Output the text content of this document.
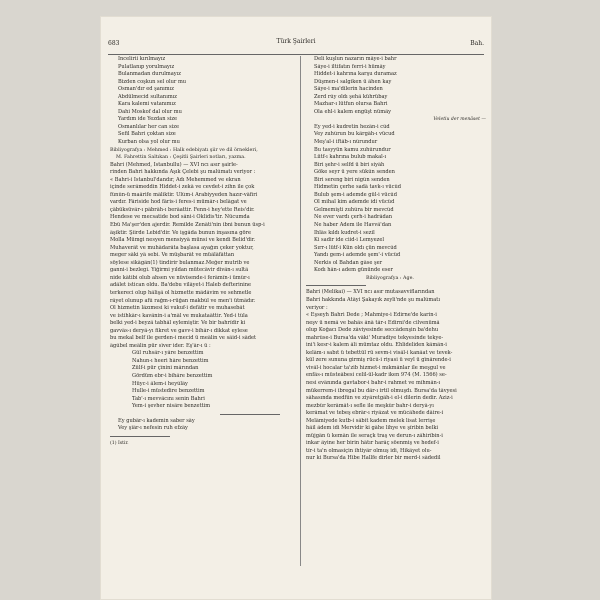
683	Türk Şairleri	Bah.
İncelirii kırılmayız
Pulatlanıp yorulmayız
Bulanmadan durulmayız
Bizden coşkun sel olur mu
Osman'dır ed şanımız
Abdülmecid sultanımız
Kara kalemi vatanımız
Dahi Moskof dal olur mu
Yardım ide Yezdan size
Osmanlılar her can size
Sefil Bahri çoktan size
Kurban olsa yol olur mu
Bibliyografya : Mehmed : Halk edebiyatı şiir ve dil örnekleri,
M. Fahrettin Saltıkan : Çeşitli Şairleri notları, yazma.
Bahri (Mehmed, İstanbullu) — XVI ncı asır şairle-
rinden Bahri hakkında Aşık Çelebi şu malûmatı veriyor :
« Bahri-i İstanbul'dandır, Adı Mehemmed ve ekran
içinde serâmeddin Hiddet-i zekâ ve cevdet-i zihn ile çok
fûnûn-ü maârife mâliktir. Ulûm-i Arabiyyeden hazır-vâfiri
vardır. Fâriside hod fâris-i feres-i mümâr-ı belâgat ve
çâbüksüvâr-ı pâbrâh-ı berâattir. Fenn-i hey'ette Reis'dir.
Hendese ve mecsatide bod sâni-i Öklidis'tir. Nücumda
Ebü Ma'şer'den ajerdir. Remilde Zenâti'nin ibni bunun üsp-i
âşiktir. Şiirde Lebid'dir. Ve işgâda bunun inşasına göre
Molla Mümgi nesyen mensiyyâ münsi ve kendi Belid'dir.
Muhaverât ve muhâdarâta başlasa ayağın çeker yoktur,
meger sâki yâ sebi. Ve müşbarât ve müâlâfâttan
söylese sikâgân(1) tindirir bulanmaz.Meğer mutrib ve
ganni-i bezlegi. Yiğirmi yıldan mütecâvir divân-ı sultâ
nide kâtibi olub ahsen ve nüvîsende-i ferâmîn-i ümûr-ı
adâlet istican oldu. Ba'debu vilâyet-i Haleb defterinine
terkereci olup hâlişâ ol hizmette mâdâvim ve sehmetle
râyet olunup afû rağm-ı-rüğan makbûl ve men'i ütmâdır.
Ol hizmetin lâzımesi ki vukuf-i defâtir ve muhasebât
ve istihkâr-ı kavânin-i a'mâl ve mukataâttir. Yed-i tûla
belki yed-i beyzâ tabhâl eylemiştir. Ve bir bahrîdir ki
gavvâs-ı deryâ-yı fikret ve gavv-i bihâr-ı dikkat eylese
bu mekal belf ile gerden-i mecid ü meâlin ve sâid-i sâdet
âgûbel meâlin pür sîver ider. Eş'âr-ı ü :
Gül ruhsâr-ı yâre benzettim
Nahun-ı heeri hâre benzettim
Zülf-i pür çînini mârından
Gördüm ebr-i bihâre benzettim
Hüyc-i âlem-i heyûlây
Hulle-i müstedire benzettim
Tab'-ı mevvâcını senin Bahri
Yem-i şevher nisâre benzettim
Ey gubâr-ı kademin saber sây
Vey şiâr-ı nefesin ruh efzây
(1) İstir.
Deli kuşlun nazarın mâye-i bahr
Sâye-i iltifatın ferri-i hümây
Hiddet-i kahrına karşu duramaz
Düşmen-i salgiken ü âhen kay
Sâye-i ma'dilerin hacinden
Zerd rûy oldı şehâ kührübay
Mazhar-ı lütfun olursa Bahri
Ola ehl-i kalem engüşt nümây
Veletiu der menâset —
Ey yed-i kudretin hezân-i cûd
Vey zuhûrun bu kârgâh-ı vücud
Meş'al-i iftâb-ı nûrundur
Bu tasyyün kamu zuhûrundur
Lütf-ı kahrına bulub makal-ı
Biri şehr-i selfd ü biri siyâh
Göke seyr ü yere sükûn senden
Biri sereng biri nigûn senden
Hidmetin çerhe sadâ tavk-ı vücûd
Bulub şem-i ademde gül-i vücûd
Ol mihal kim ademde idi vücûd
Gelmemişti zuhûra bir mevcûd
Ne ever vardı çerh-i hadrâdan
Ne haber Âdem ile Havvâ'dan
İhlâs kıldı kudret-i sezil
Ki sadir ide ciid-i Lemyezel
Sırr-ı lütf-i Kün oldı çün mevcûd
Yandı gem-i ademde şem'-i vücûd
Nerkis ol Bahdan gâse şer
Kodı hân-ı adem gününde eser
Bibliyografya : Age.
Bahri (Melikai) — XVI ncı asır mutasavviflarından
Bahri hakkında Atâyi Şakayık zeyli'nde şu malûmatı
veriyor :
« Eşseyh Bahri Dede ; Mahmiye-i Edirne'de karin-i
neşv ü nemâ ve bahâs ânâ târ-ı Edirni'de cilvenümâ
olup Koğacı Dede zâviyesinde seccâdenşin ba'dehu
mahrûse-i Bursa'da vâki' Muradiye tekyesinde tekye-
ini'i kesr-i kalem âli mümtaz oldu. Ehlideliden kâmân-i
kelâm-ı sabıt ü tebettül rü sevm-i visâl-i kanâat ve tevek-
kül zere sununa girmiş rücû-i riyasi ü veyl ü gînârende-i
vivâl-i hocalar ta'zib hizmet-i mıkmânlar ile meşgul ve
enfâs-ı müsteâbesi celil-ül-kadr iken 974 (M. 1566) se-
nesi evânında gavtabor-i bahr-i rahmet ve mihmân-ı
mükerrem-i ibregal bu dâr-ı irtil olmuşdı. Bursa'da tâvyesi
sâhasında medfûn ve ziyâretgâh-i el-i dîlerin dedir. Aziz-i
mezbûr kerâmât-ı sefle ile meşkûr bahr-i deryâ-yı
kerâmat ve tebeş ebrâr-ı riyâzat ve mücâhede dâire-i
Melâmiyede kutb-i sâbit kadem melek lisat lerrişe
hâil âdem idi Mervidir ki gâhe lihye ve şîribin belki
müjgân ü kemân ile seraçk traş ve derun-ı zâhirîbin-i
inkar âyine her birin hâtır harâç söenmiş ve hedef-i
tîr-i ta'n olmasiçin ihtiyâr olmuş idi, Hikâyet olu-
nur ki Bursa'da Hibe Hallfe dirler bir merd-i sâdedil
